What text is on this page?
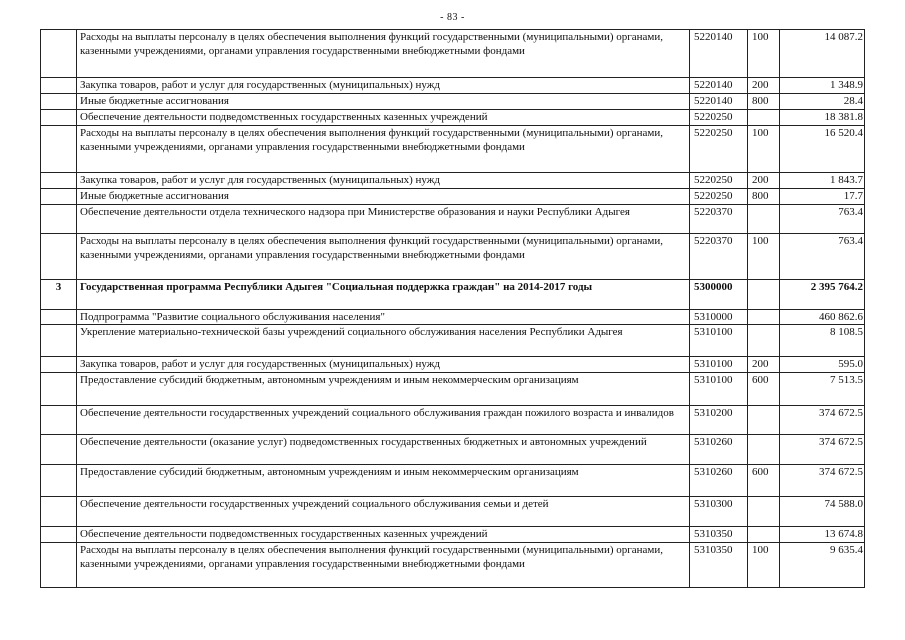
- 83 -
	Расходы на выплаты персоналу в целях обеспечения выполнения функций государственными (муниципальными) органами, казенными учреждениями, органами управления государственными внебюджетными фондами	5220140	100	14 087.2
	Закупка товаров, работ и услуг для государственных (муниципальных) нужд	5220140	200	1 348.9
	Иные бюджетные ассигнования	5220140	800	28.4
	Обеспечение деятельности подведомственных государственных казенных учреждений	5220250		18 381.8
	Расходы на выплаты персоналу в целях обеспечения выполнения функций государственными (муниципальными) органами, казенными учреждениями, органами управления государственными внебюджетными фондами	5220250	100	16 520.4
	Закупка товаров, работ и услуг для государственных (муниципальных) нужд	5220250	200	1 843.7
	Иные бюджетные ассигнования	5220250	800	17.7
	Обеспечение деятельности отдела технического надзора при Министерстве образования и науки Республики Адыгея	5220370		763.4
	Расходы на выплаты персоналу в целях обеспечения выполнения функций государственными (муниципальными) органами, казенными учреждениями, органами управления государственными внебюджетными фондами	5220370	100	763.4
3	Государственная программа Республики Адыгея "Социальная поддержка граждан" на 2014-2017 годы	5300000		2 395 764.2
	Подпрограмма "Развитие социального обслуживания населения"	5310000		460 862.6
	Укрепление материально-технической базы учреждений социального обслуживания населения Республики Адыгея	5310100		8 108.5
	Закупка товаров, работ и услуг для государственных (муниципальных) нужд	5310100	200	595.0
	Предоставление субсидий бюджетным, автономным учреждениям и иным некоммерческим организациям	5310100	600	7 513.5
	Обеспечение деятельности государственных учреждений социального обслуживания граждан пожилого возраста и инвалидов	5310200		374 672.5
	Обеспечение деятельности (оказание услуг) подведомственных государственных бюджетных и автономных учреждений	5310260		374 672.5
	Предоставление субсидий бюджетным, автономным учреждениям и иным некоммерческим организациям	5310260	600	374 672.5
	Обеспечение деятельности государственных учреждений социального обслуживания семьи и детей	5310300		74 588.0
	Обеспечение деятельности подведомственных государственных казенных учреждений	5310350		13 674.8
	Расходы на выплаты персоналу в целях обеспечения выполнения функций государственными (муниципальными) органами, казенными учреждениями, органами управления государственными внебюджетными фондами	5310350	100	9 635.4
